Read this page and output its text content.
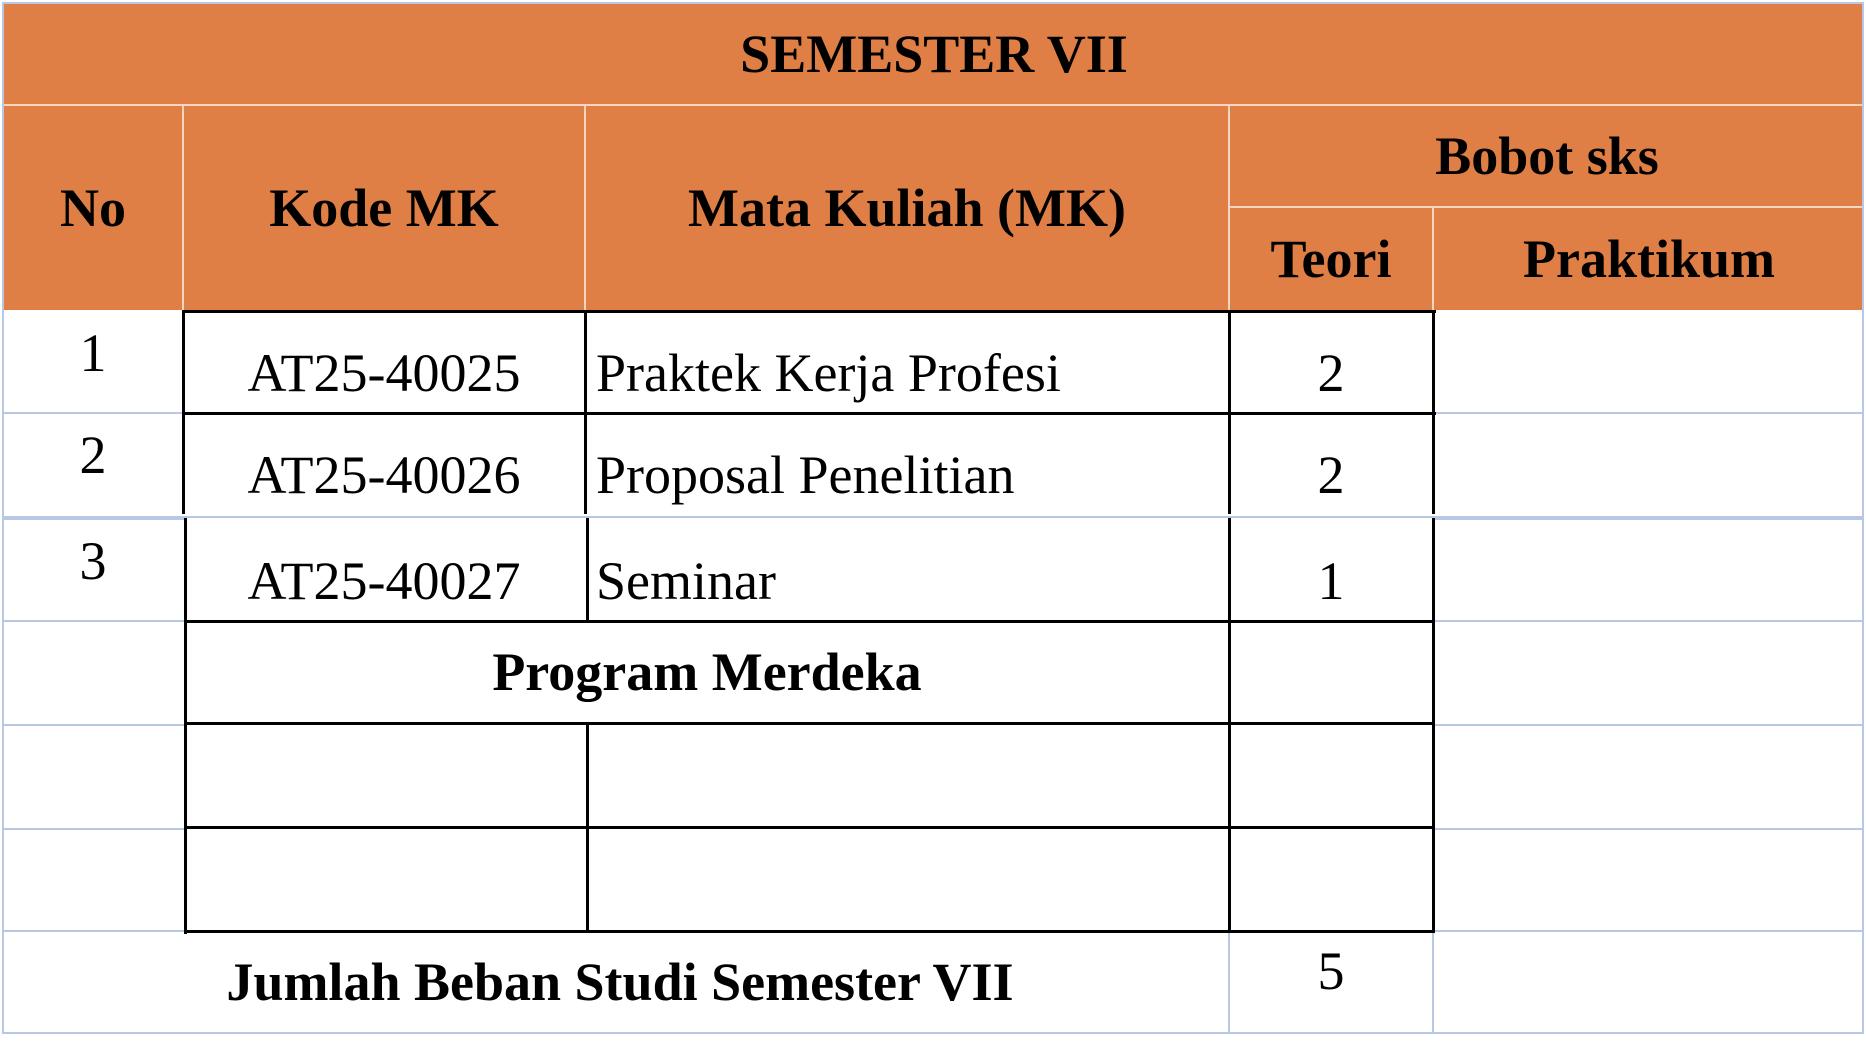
SEMESTER VII
No	Kode MK	Mata Kuliah (MK)
Bobot sks
Teori	Praktikum
1	AT25-40025	Praktek Kerja Profesi	2
2	AT25-40026	Proposal Penelitian	2
3	AT25-40027	Seminar	1
Program Merdeka
Jumlah Beban Studi Semester VII	5
